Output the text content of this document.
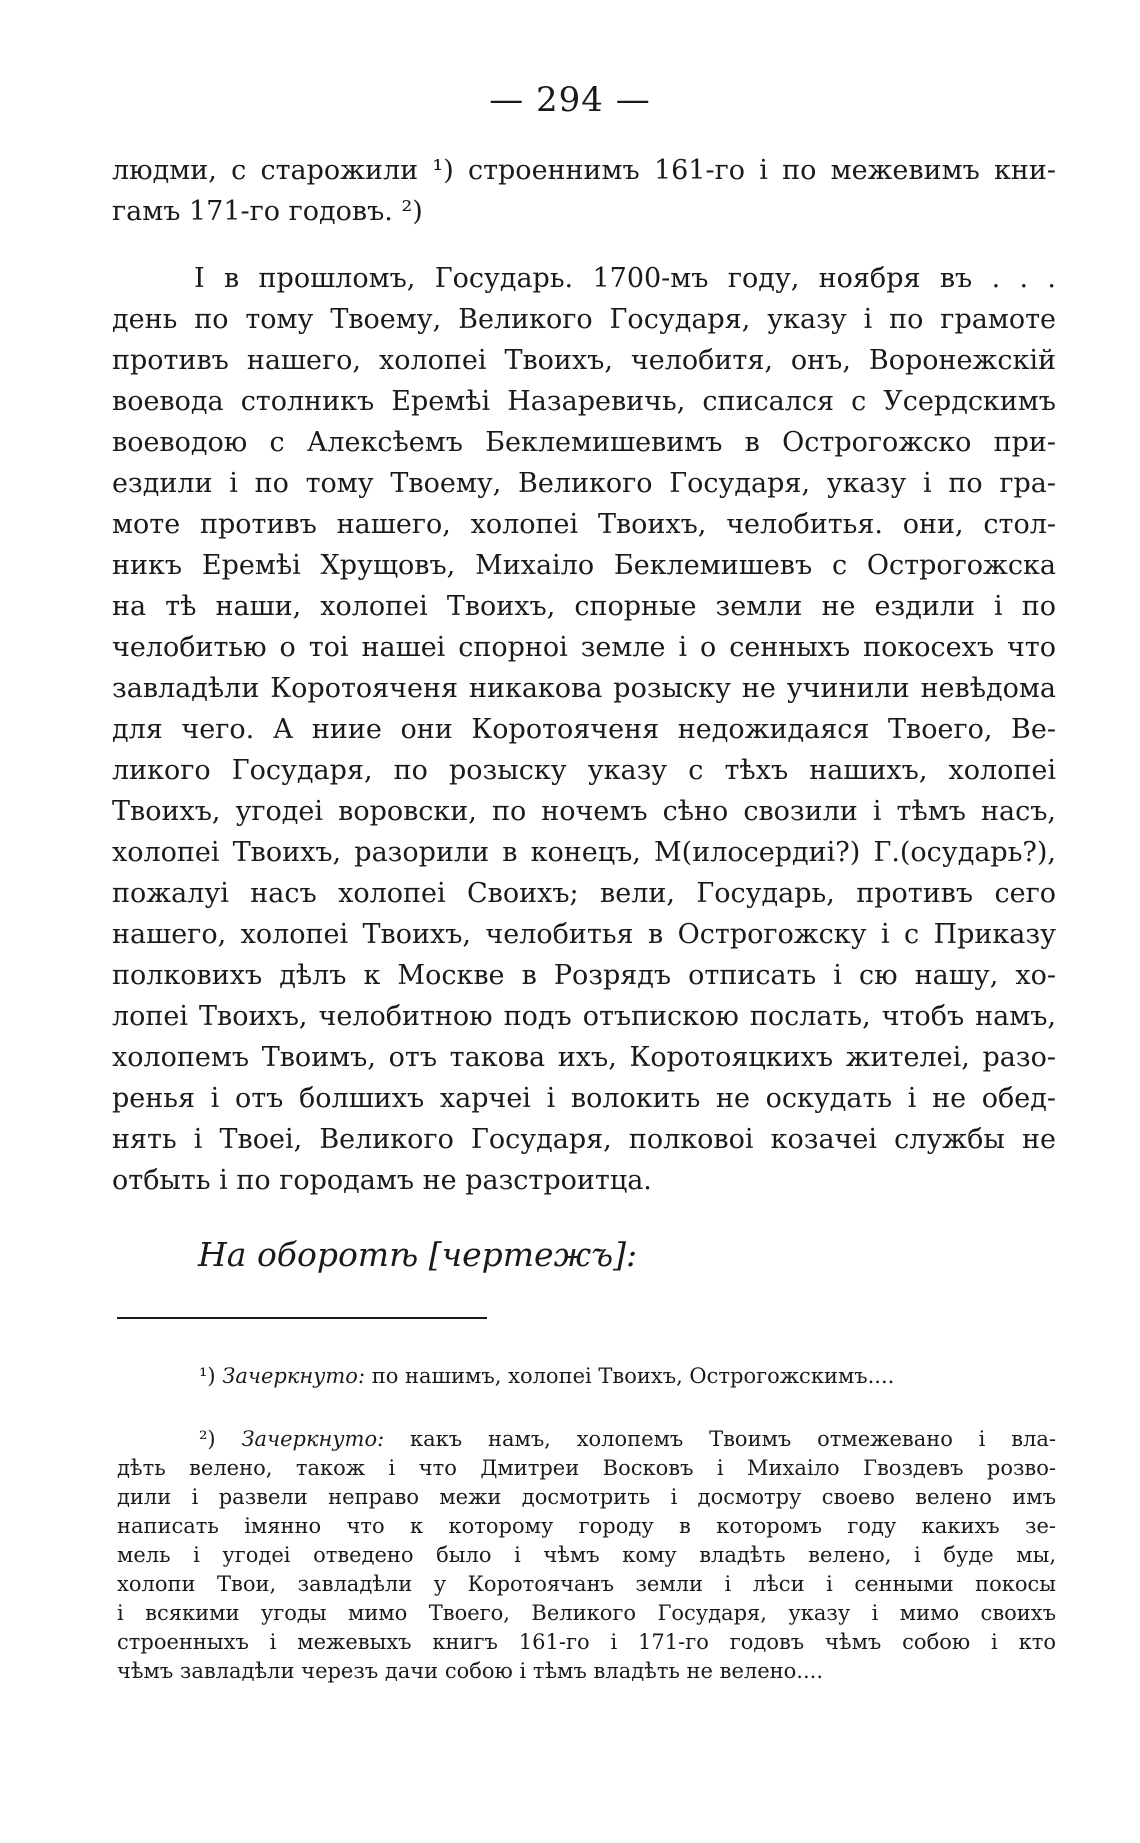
— 294 —
людми, с старожили ¹) строеннимъ 161-го і по межевимъ кни-
гамъ 171-го годовъ. ²)
І в прошломъ, Государь. 1700-мъ году, ноября въ . . .
день по тому Твоему, Великого Государя, указу і по грамоте
противъ нашего, холопеі Твоихъ, челобитя, онъ, Воронежскій
воевода столникъ Еремѣі Назаревичь, списался с Усердскимъ
воеводою с Алексѣемъ Беклемишевимъ в Острогожско при-
ездили і по тому Твоему, Великого Государя, указу і по гра-
моте противъ нашего, холопеі Твоихъ, челобитья. они, стол-
никъ Еремѣі Хрущовъ, Михаіло Беклемишевъ с Острогожска
на тѣ наши, холопеі Твоихъ, спорные земли не ездили і по
челобитью о тоі нашеі спорноі земле і о сенныхъ покосехъ что
завладѣли Коротояченя никакова розыску не учинили невѣдома
для чего. А ниие они Коротояченя недожидаяся Твоего, Ве-
ликого Государя, по розыску указу с тѣхъ нашихъ, холопеі
Твоихъ, угодеі воровски, по ночемъ сѣно свозили і тѣмъ насъ,
холопеі Твоихъ, разорили в конецъ, М(илосердиі?) Г.(осударь?),
пожалуі насъ холопеі Своихъ; вели, Государь, противъ сего
нашего, холопеі Твоихъ, челобитья в Острогожску і с Приказу
полковихъ дѣлъ к Москве в Розрядъ отписать і сю нашу, хо-
лопеі Твоихъ, челобитною подъ отъпискою послать, чтобъ намъ,
холопемъ Твоимъ, отъ такова ихъ, Коротояцкихъ жителеі, разо-
ренья і отъ болшихъ харчеі і волокить не оскудать і не обед-
нять і Твоеі, Великого Государя, полковоі козачеі службы не
отбыть і по городамъ не разстроитца.
На оборотѣ [чертежъ]:
¹) Зачеркнуто: по нашимъ, холопеі Твоихъ, Острогожскимъ....
²) Зачеркнуто: какъ намъ, холопемъ Твоимъ отмежевано і вла-
дѣть велено, також і что Дмитреи Восковъ і Михаіло Гвоздевъ розво-
дили і развели неправо межи досмотрить і досмотру своево велено имъ
написать імянно что к которому городу в которомъ году какихъ зе-
мель і угодеі отведено было і чѣмъ кому владѣть велено, і буде мы,
холопи Твои, завладѣли у Коротоячанъ земли і лѣси і сенными покосы
і всякими угоды мимо Твоего, Великого Государя, указу і мимо своихъ
строенныхъ і межевыхъ книгъ 161-го і 171-го годовъ чѣмъ собою і кто
чѣмъ завладѣли черезъ дачи собою і тѣмъ владѣть не велено....
